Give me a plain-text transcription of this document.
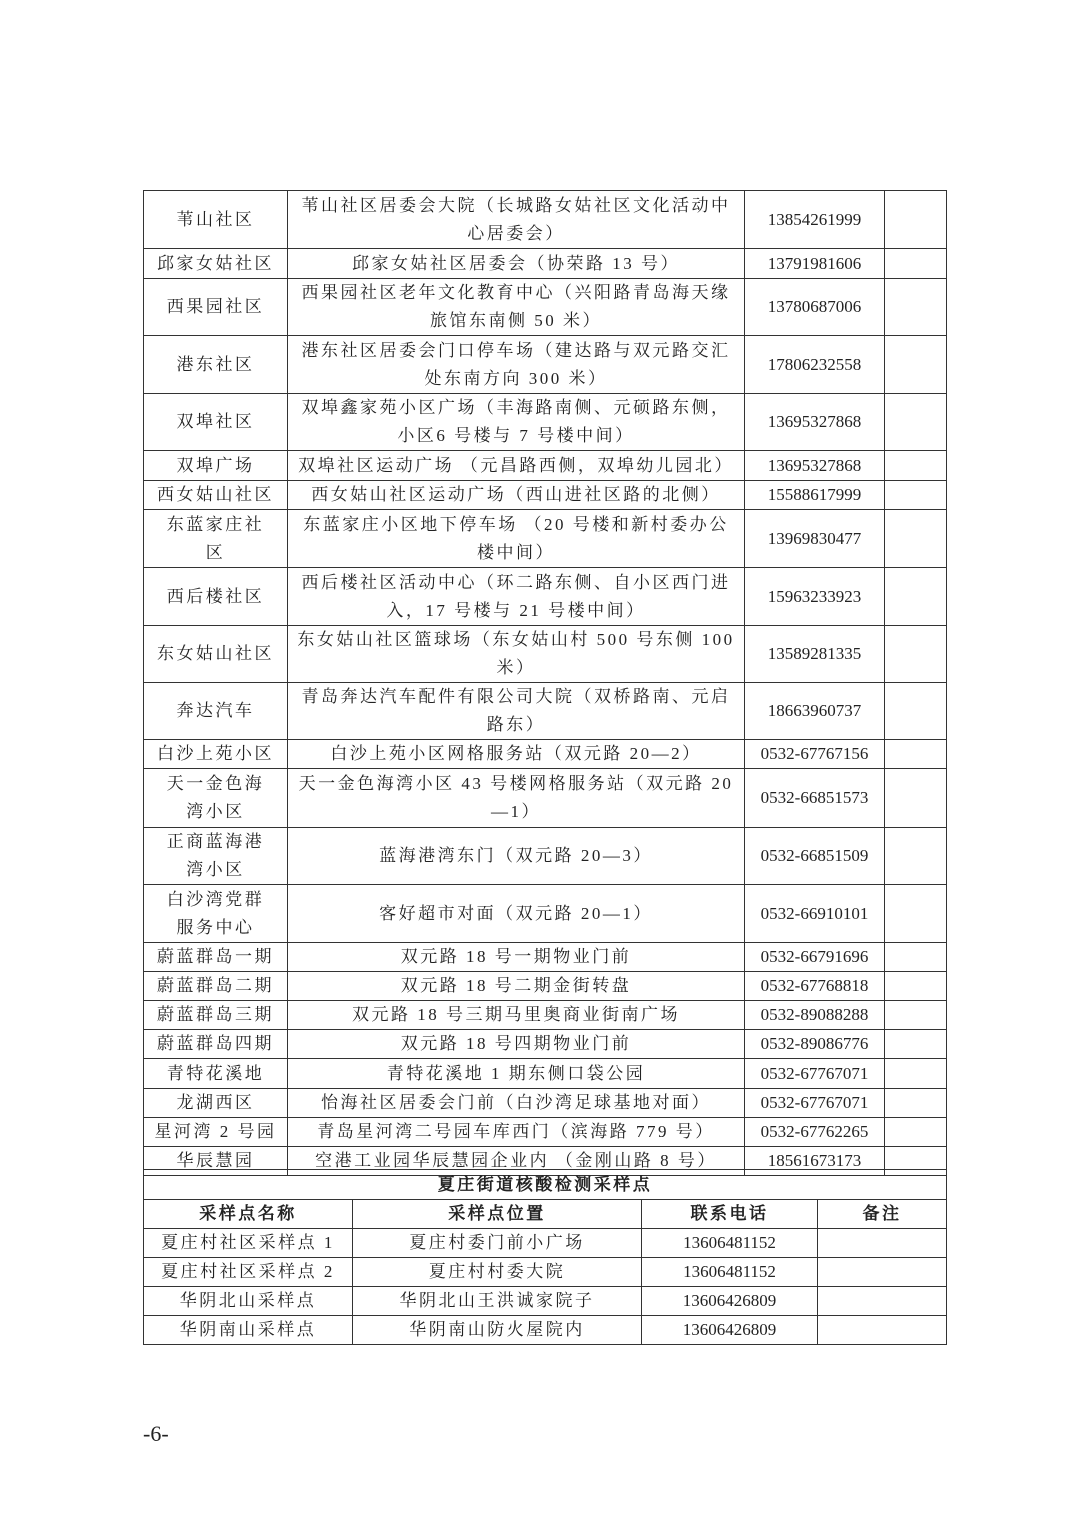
苇山社区	苇山社区居委会大院（长城路女姑社区文化活动中心居委会）	13854261999	
邱家女姑社区	邱家女姑社区居委会（协荣路 13 号）	13791981606	
西果园社区	西果园社区老年文化教育中心（兴阳路青岛海天缘旅馆东南侧 50 米）	13780687006	
港东社区	港东社区居委会门口停车场（建达路与双元路交汇处东南方向 300 米）	17806232558	
双埠社区	双埠鑫家苑小区广场（丰海路南侧、元硕路东侧，小区6 号楼与 7 号楼中间）	13695327868	
双埠广场	双埠社区运动广场 （元昌路西侧，双埠幼儿园北）	13695327868	
西女姑山社区	西女姑山社区运动广场（西山进社区路的北侧）	15588617999	
东蓝家庄社区	东蓝家庄小区地下停车场 （20 号楼和新村委办公楼中间）	13969830477	
西后楼社区	西后楼社区活动中心（环二路东侧、自小区西门进入，17 号楼与 21 号楼中间）	15963233923	
东女姑山社区	东女姑山社区篮球场（东女姑山村 500 号东侧 100 米）	13589281335	
奔达汽车	青岛奔达汽车配件有限公司大院（双桥路南、元启路东）	18663960737	
白沙上苑小区	白沙上苑小区网格服务站（双元路 20—2）	0532-67767156	
天一金色海湾小区	天一金色海湾小区 43 号楼网格服务站（双元路 20—1）	0532-66851573	
正商蓝海港湾小区	蓝海港湾东门（双元路 20—3）	0532-66851509	
白沙湾党群服务中心	客好超市对面（双元路 20—1）	0532-66910101	
蔚蓝群岛一期	双元路 18 号一期物业门前	0532-66791696	
蔚蓝群岛二期	双元路 18 号二期金街转盘	0532-67768818	
蔚蓝群岛三期	双元路 18 号三期马里奥商业街南广场	0532-89088288	
蔚蓝群岛四期	双元路 18 号四期物业门前	0532-89086776	
青特花溪地	青特花溪地 1 期东侧口袋公园	0532-67767071	
龙湖西区	怡海社区居委会门前（白沙湾足球基地对面）	0532-67767071	
星河湾 2 号园	青岛星河湾二号园车库西门（滨海路 779 号）	0532-67762265	
华辰慧园	空港工业园华辰慧园企业内 （金刚山路 8 号）	18561673173	
夏庄街道核酸检测采样点			
采样点名称	采样点位置	联系电话	备注
夏庄村社区采样点 1	夏庄村委门前小广场	13606481152	
夏庄村社区采样点 2	夏庄村村委大院	13606481152	
华阴北山采样点	华阴北山王洪诚家院子	13606426809	
华阴南山采样点	华阴南山防火屋院内	13606426809	
-6-
